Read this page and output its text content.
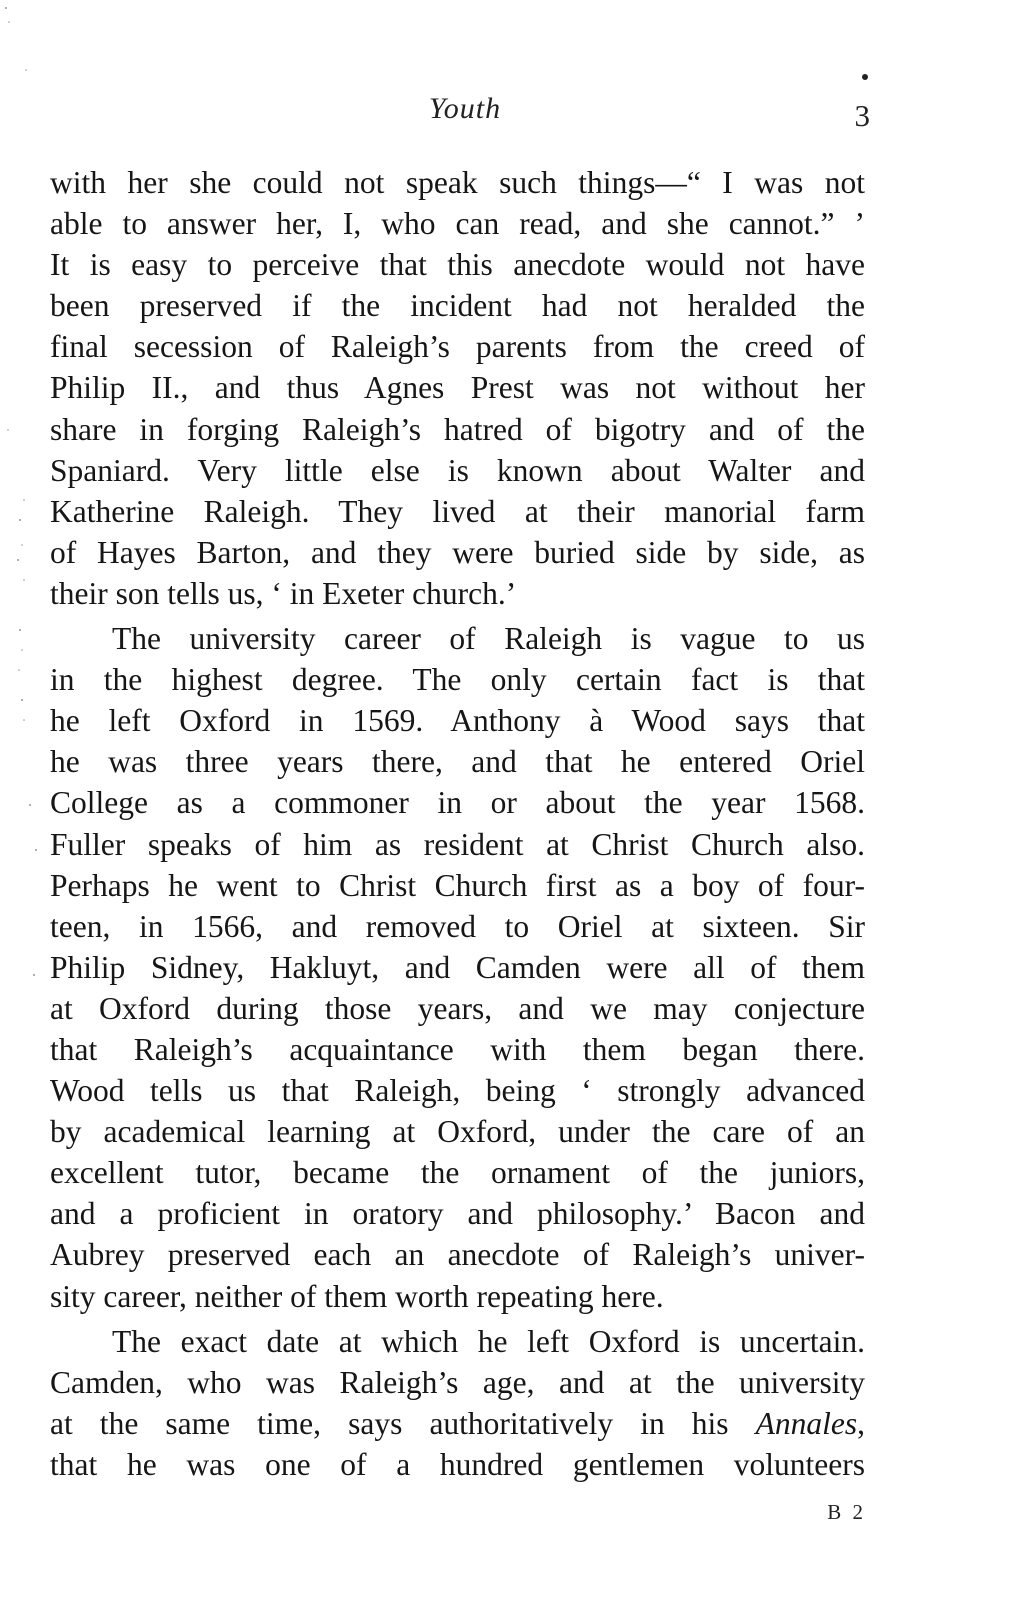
Youth	3

with her she could not speak such things—“ I was not
able to answer her, I, who can read, and she cannot.” ’
It is easy to perceive that this anecdote would not have
been preserved if the incident had not heralded the
final secession of Raleigh’s parents from the creed of
Philip II., and thus Agnes Prest was not without her
share in forging Raleigh’s hatred of bigotry and of the
Spaniard. Very little else is known about Walter and
Katherine Raleigh. They lived at their manorial farm
of Hayes Barton, and they were buried side by side, as
their son tells us, ‘ in Exeter church.’

The university career of Raleigh is vague to us
in the highest degree. The only certain fact is that
he left Oxford in 1569. Anthony à Wood says that
he was three years there, and that he entered Oriel
College as a commoner in or about the year 1568.
Fuller speaks of him as resident at Christ Church also.
Perhaps he went to Christ Church first as a boy of four-
teen, in 1566, and removed to Oriel at sixteen. Sir
Philip Sidney, Hakluyt, and Camden were all of them
at Oxford during those years, and we may conjecture
that Raleigh’s acquaintance with them began there.
Wood tells us that Raleigh, being ‘ strongly advanced
by academical learning at Oxford, under the care of an
excellent tutor, became the ornament of the juniors,
and a proficient in oratory and philosophy.’ Bacon and
Aubrey preserved each an anecdote of Raleigh’s univer-
sity career, neither of them worth repeating here.

The exact date at which he left Oxford is uncertain.
Camden, who was Raleigh’s age, and at the university
at the same time, says authoritatively in his Annales,
that he was one of a hundred gentlemen volunteers

B 2
